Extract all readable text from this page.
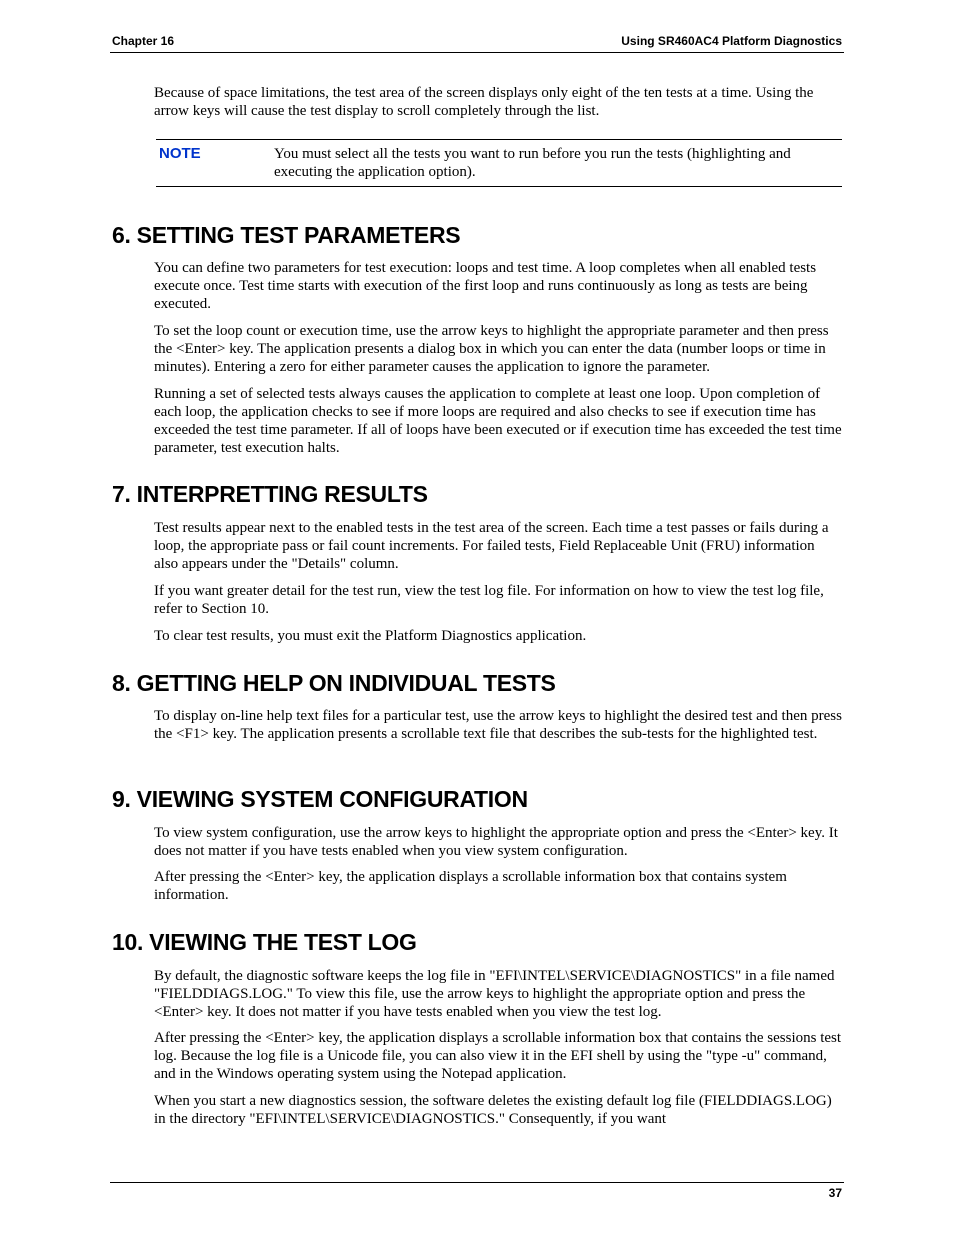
Chapter 16	Using SR460AC4 Platform Diagnostics

Because of space limitations, the test area of the screen displays only eight of the ten tests at a time. Using the arrow keys will cause the test display to scroll completely through the list.

NOTE	You must select all the tests you want to run before you run the tests (highlighting and executing the application option).
6. SETTING TEST PARAMETERS

You can define two parameters for test execution: loops and test time. A loop completes when all enabled tests execute once. Test time starts with execution of the first loop and runs continuously as long as tests are being executed.

To set the loop count or execution time, use the arrow keys to highlight the appropriate parameter and then press the <Enter> key. The application presents a dialog box in which you can enter the data (number loops or time in minutes). Entering a zero for either parameter causes the application to ignore the parameter.

Running a set of selected tests always causes the application to complete at least one loop. Upon completion of each loop, the application checks to see if more loops are required and also checks to see if execution time has exceeded the test time parameter. If all of loops have been executed or if execution time has exceeded the test time parameter, test execution halts.

7. INTERPRETTING RESULTS

Test results appear next to the enabled tests in the test area of the screen. Each time a test passes or fails during a loop, the appropriate pass or fail count increments. For failed tests, Field Replaceable Unit (FRU) information also appears under the "Details" column.

If you want greater detail for the test run, view the test log file. For information on how to view the test log file, refer to Section 10.

To clear test results, you must exit the Platform Diagnostics application.

8. GETTING HELP ON INDIVIDUAL TESTS

To display on-line help text files for a particular test, use the arrow keys to highlight the desired test and then press the <F1> key. The application presents a scrollable text file that describes the sub-tests for the highlighted test.

9. VIEWING SYSTEM CONFIGURATION

To view system configuration, use the arrow keys to highlight the appropriate option and press the <Enter> key. It does not matter if you have tests enabled when you view system configuration.

After pressing the <Enter> key, the application displays a scrollable information box that contains system information.

10. VIEWING THE TEST LOG

By default, the diagnostic software keeps the log file in "EFI\INTEL\SERVICE\DIAGNOSTICS" in a file named "FIELDDIAGS.LOG." To view this file, use the arrow keys to highlight the appropriate option and press the <Enter> key. It does not matter if you have tests enabled when you view the test log.

After pressing the <Enter> key, the application displays a scrollable information box that contains the sessions test log. Because the log file is a Unicode file, you can also view it in the EFI shell by using the "type -u" command, and in the Windows operating system using the Notepad application.

When you start a new diagnostics session, the software deletes the existing default log file (FIELDDIAGS.LOG) in the directory "EFI\INTEL\SERVICE\DIAGNOSTICS." Consequently, if you want

37
